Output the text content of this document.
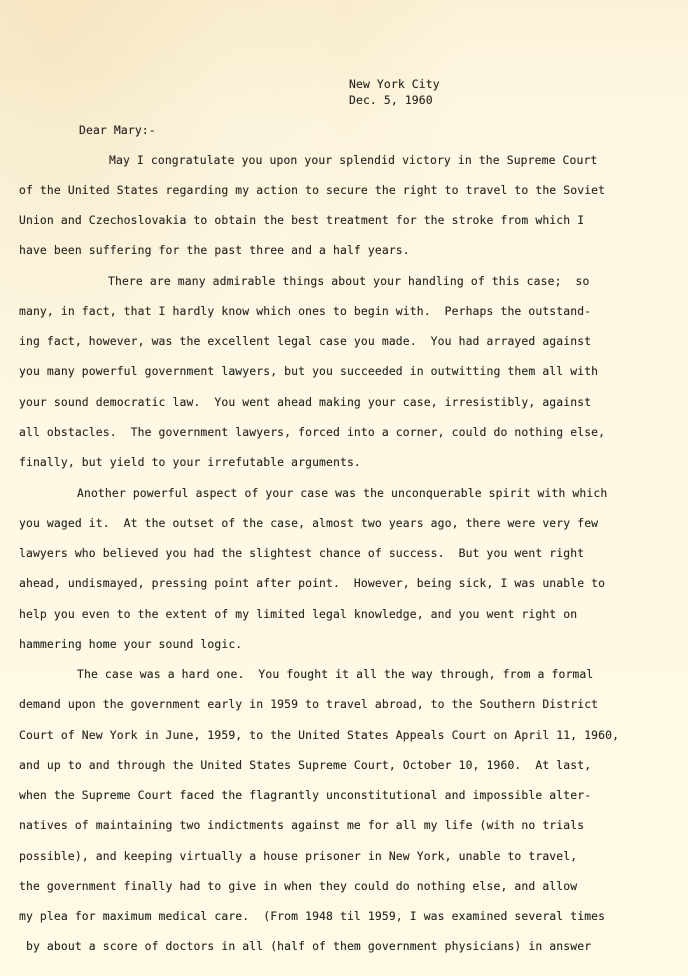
New York City
Dec. 5, 1960
Dear Mary:-
May I congratulate you upon your splendid victory in the Supreme Court
of the United States regarding my action to secure the right to travel to the Soviet
Union and Czechoslovakia to obtain the best treatment for the stroke from which I
have been suffering for the past three and a half years.
There are many admirable things about your handling of this case;  so
many, in fact, that I hardly know which ones to begin with.  Perhaps the outstand-
ing fact, however, was the excellent legal case you made.  You had arrayed against
you many powerful government lawyers, but you succeeded in outwitting them all with
your sound democratic law.  You went ahead making your case, irresistibly, against
all obstacles.  The government lawyers, forced into a corner, could do nothing else,
finally, but yield to your irrefutable arguments.
Another powerful aspect of your case was the unconquerable spirit with which
you waged it.  At the outset of the case, almost two years ago, there were very few
lawyers who believed you had the slightest chance of success.  But you went right
ahead, undismayed, pressing point after point.  However, being sick, I was unable to
help you even to the extent of my limited legal knowledge, and you went right on
hammering home your sound logic.
The case was a hard one.  You fought it all the way through, from a formal
demand upon the government early in 1959 to travel abroad, to the Southern District
Court of New York in June, 1959, to the United States Appeals Court on April 11, 1960,
and up to and through the United States Supreme Court, October 10, 1960.  At last,
when the Supreme Court faced the flagrantly unconstitutional and impossible alter-
natives of maintaining two indictments against me for all my life (with no trials
possible), and keeping virtually a house prisoner in New York, unable to travel,
the government finally had to give in when they could do nothing else, and allow
my plea for maximum medical care.  (From 1948 til 1959, I was examined several times
by about a score of doctors in all (half of them government physicians) in answer
